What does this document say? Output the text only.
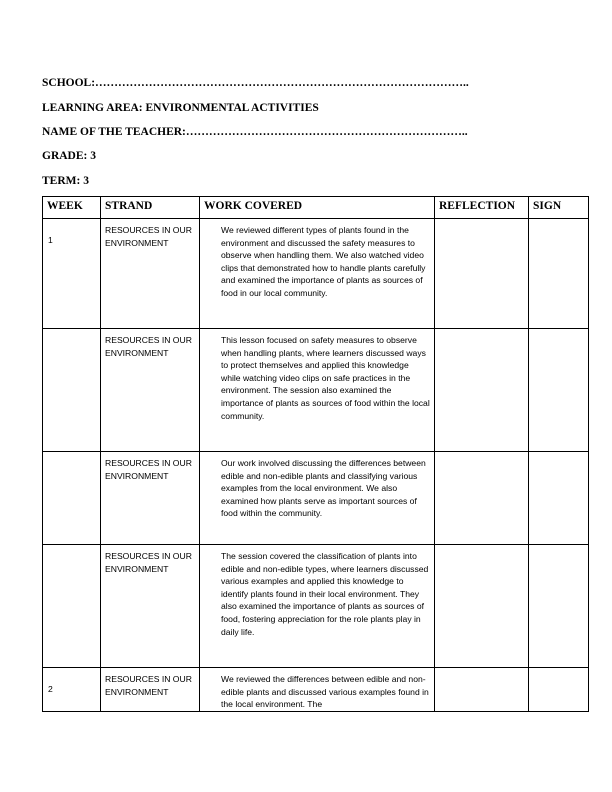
SCHOOL:……………………………………………………………………………………..

LEARNING AREA: ENVIRONMENTAL ACTIVITIES

NAME OF THE TEACHER:………………………………………………………………..

GRADE: 3

TERM: 3

WEEK	STRAND	WORK COVERED	REFLECTION	SIGN

1	RESOURCES IN OUR ENVIRONMENT	We reviewed different types of plants found in the environment and discussed the safety measures to observe when handling them. We also watched video clips that demonstrated how to handle plants carefully and examined the importance of plants as sources of food in our local community.		

	RESOURCES IN OUR ENVIRONMENT	This lesson focused on safety measures to observe when handling plants, where learners discussed ways to protect themselves and applied this knowledge while watching video clips on safe practices in the environment. The session also examined the importance of plants as sources of food within the local community.		

	RESOURCES IN OUR ENVIRONMENT	Our work involved discussing the differences between edible and non-edible plants and classifying various examples from the local environment. We also examined how plants serve as important sources of food within the community.		

	RESOURCES IN OUR ENVIRONMENT	The session covered the classification of plants into edible and non-edible types, where learners discussed various examples and applied this knowledge to identify plants found in their local environment. They also examined the importance of plants as sources of food, fostering appreciation for the role plants play in daily life.		

2	RESOURCES IN OUR ENVIRONMENT	We reviewed the differences between edible and non-edible plants and discussed various examples found in the local environment. The		
